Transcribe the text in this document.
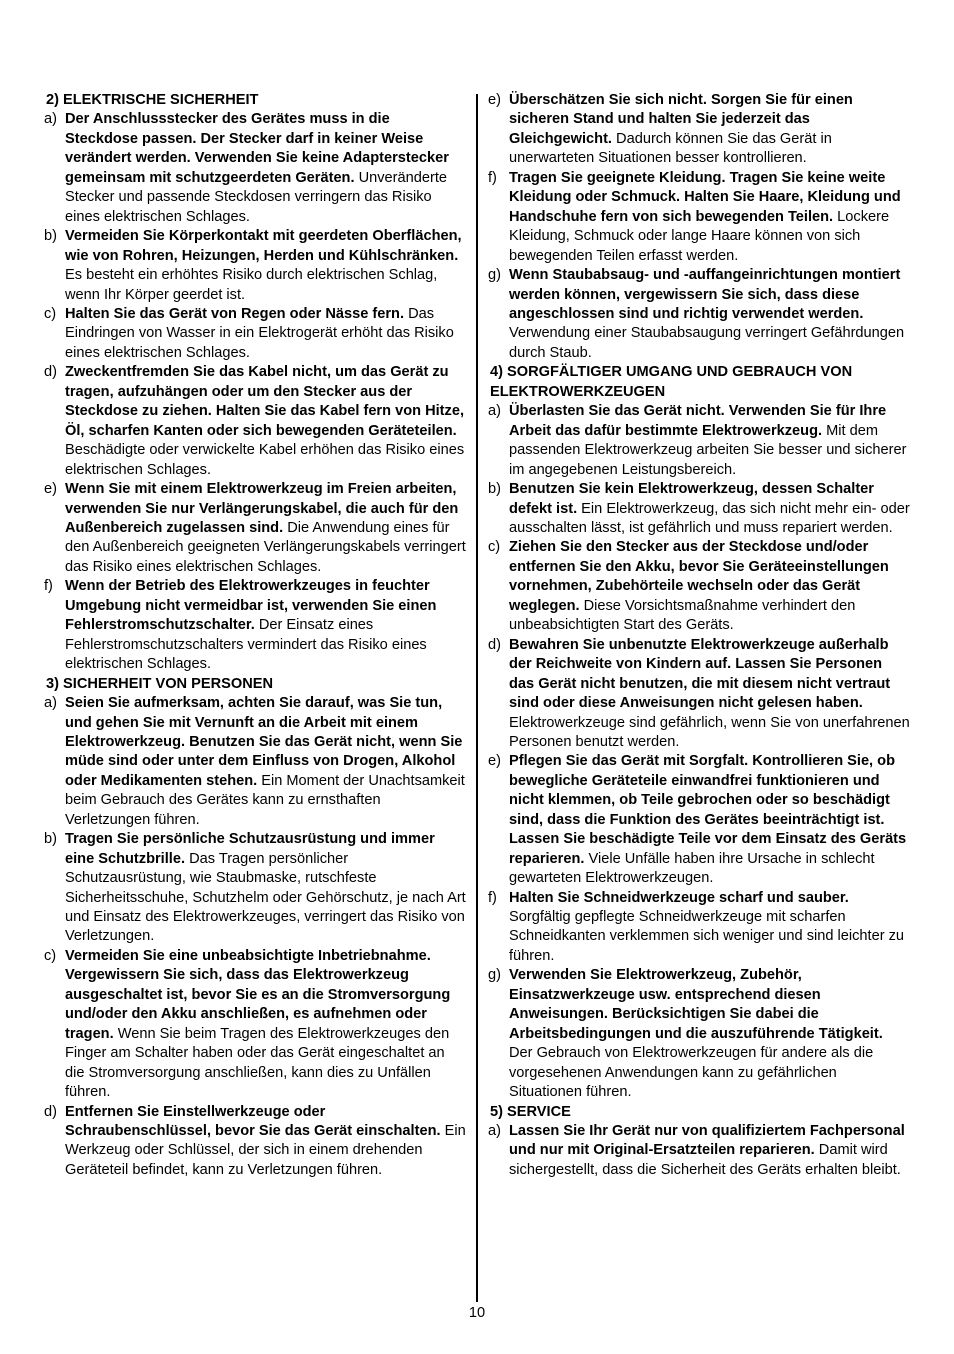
2) ELEKTRISCHE SICHERHEIT
a) Der Anschlussstecker des Gerätes muss in die Steckdose passen. Der Stecker darf in keiner Weise verändert werden. Verwenden Sie keine Adapterstecker gemeinsam mit schutzgeerdeten Geräten. Unveränderte Stecker und passende Steckdosen verringern das Risiko eines elektrischen Schlages.
b) Vermeiden Sie Körperkontakt mit geerdeten Oberflächen, wie von Rohren, Heizungen, Herden und Kühlschränken. Es besteht ein erhöhtes Risiko durch elektrischen Schlag, wenn Ihr Körper geerdet ist.
c) Halten Sie das Gerät von Regen oder Nässe fern. Das Eindringen von Wasser in ein Elektrogerät erhöht das Risiko eines elektrischen Schlages.
d) Zweckentfremden Sie das Kabel nicht, um das Gerät zu tragen, aufzuhängen oder um den Stecker aus der Steckdose zu ziehen. Halten Sie das Kabel fern von Hitze, Öl, scharfen Kanten oder sich bewegenden Geräteteilen. Beschädigte oder verwickelte Kabel erhöhen das Risiko eines elektrischen Schlages.
e) Wenn Sie mit einem Elektrowerkzeug im Freien arbeiten, verwenden Sie nur Verlängerungskabel, die auch für den Außenbereich zugelassen sind. Die Anwendung eines für den Außenbereich geeigneten Verlängerungskabels verringert das Risiko eines elektrischen Schlages.
f) Wenn der Betrieb des Elektrowerkzeuges in feuchter Umgebung nicht vermeidbar ist, verwenden Sie einen Fehlerstromschutzschalter. Der Einsatz eines Fehlerstromschutzschalters vermindert das Risiko eines elektrischen Schlages.
3) SICHERHEIT VON PERSONEN
a) Seien Sie aufmerksam, achten Sie darauf, was Sie tun, und gehen Sie mit Vernunft an die Arbeit mit einem Elektrowerkzeug. Benutzen Sie das Gerät nicht, wenn Sie müde sind oder unter dem Einfluss von Drogen, Alkohol oder Medikamenten stehen. Ein Moment der Unachtsamkeit beim Gebrauch des Gerätes kann zu ernsthaften Verletzungen führen.
b) Tragen Sie persönliche Schutzausrüstung und immer eine Schutzbrille. Das Tragen persönlicher Schutzausrüstung, wie Staubmaske, rutschfeste Sicherheitsschuhe, Schutzhelm oder Gehörschutz, je nach Art und Einsatz des Elektrowerkzeuges, verringert das Risiko von Verletzungen.
c) Vermeiden Sie eine unbeabsichtigte Inbetriebnahme. Vergewissern Sie sich, dass das Elektrowerkzeug ausgeschaltet ist, bevor Sie es an die Stromversorgung und/oder den Akku anschließen, es aufnehmen oder tragen. Wenn Sie beim Tragen des Elektrowerkzeuges den Finger am Schalter haben oder das Gerät eingeschaltet an die Stromversorgung anschließen, kann dies zu Unfällen führen.
d) Entfernen Sie Einstellwerkzeuge oder Schraubenschlüssel, bevor Sie das Gerät einschalten. Ein Werkzeug oder Schlüssel, der sich in einem drehenden Geräteteil befindet, kann zu Verletzungen führen.
e) Überschätzen Sie sich nicht. Sorgen Sie für einen sicheren Stand und halten Sie jederzeit das Gleichgewicht. Dadurch können Sie das Gerät in unerwarteten Situationen besser kontrollieren.
f) Tragen Sie geeignete Kleidung. Tragen Sie keine weite Kleidung oder Schmuck. Halten Sie Haare, Kleidung und Handschuhe fern von sich bewegenden Teilen. Lockere Kleidung, Schmuck oder lange Haare können von sich bewegenden Teilen erfasst werden.
g) Wenn Staubabsaug- und -auffangeinrichtungen montiert werden können, vergewissern Sie sich, dass diese angeschlossen sind und richtig verwendet werden. Verwendung einer Staubabsaugung verringert Gefährdungen durch Staub.
4) SORGFÄLTIGER UMGANG UND GEBRAUCH VON ELEKTROWERKZEUGEN
a) Überlasten Sie das Gerät nicht. Verwenden Sie für Ihre Arbeit das dafür bestimmte Elektrowerkzeug. Mit dem passenden Elektrowerkzeug arbeiten Sie besser und sicherer im angegebenen Leistungsbereich.
b) Benutzen Sie kein Elektrowerkzeug, dessen Schalter defekt ist. Ein Elektrowerkzeug, das sich nicht mehr ein- oder ausschalten lässt, ist gefährlich und muss repariert werden.
c) Ziehen Sie den Stecker aus der Steckdose und/oder entfernen Sie den Akku, bevor Sie Geräteeinstellungen vornehmen, Zubehörteile wechseln oder das Gerät weglegen. Diese Vorsichtsmaßnahme verhindert den unbeabsichtigten Start des Geräts.
d) Bewahren Sie unbenutzte Elektrowerkzeuge außerhalb der Reichweite von Kindern auf. Lassen Sie Personen das Gerät nicht benutzen, die mit diesem nicht vertraut sind oder diese Anweisungen nicht gelesen haben. Elektrowerkzeuge sind gefährlich, wenn Sie von unerfahrenen Personen benutzt werden.
e) Pflegen Sie das Gerät mit Sorgfalt. Kontrollieren Sie, ob bewegliche Geräteteile einwandfrei funktionieren und nicht klemmen, ob Teile gebrochen oder so beschädigt sind, dass die Funktion des Gerätes beeinträchtigt ist. Lassen Sie beschädigte Teile vor dem Einsatz des Geräts reparieren. Viele Unfälle haben ihre Ursache in schlecht gewarteten Elektrowerkzeugen.
f) Halten Sie Schneidwerkzeuge scharf und sauber. Sorgfältig gepflegte Schneidwerkzeuge mit scharfen Schneidkanten verklemmen sich weniger und sind leichter zu führen.
g) Verwenden Sie Elektrowerkzeug, Zubehör, Einsatzwerkzeuge usw. entsprechend diesen Anweisungen. Berücksichtigen Sie dabei die Arbeitsbedingungen und die auszuführende Tätigkeit. Der Gebrauch von Elektrowerkzeugen für andere als die vorgesehenen Anwendungen kann zu gefährlichen Situationen führen.
5) SERVICE
a) Lassen Sie Ihr Gerät nur von qualifiziertem Fachpersonal und nur mit Original-Ersatzteilen reparieren. Damit wird sichergestellt, dass die Sicherheit des Geräts erhalten bleibt.
10
